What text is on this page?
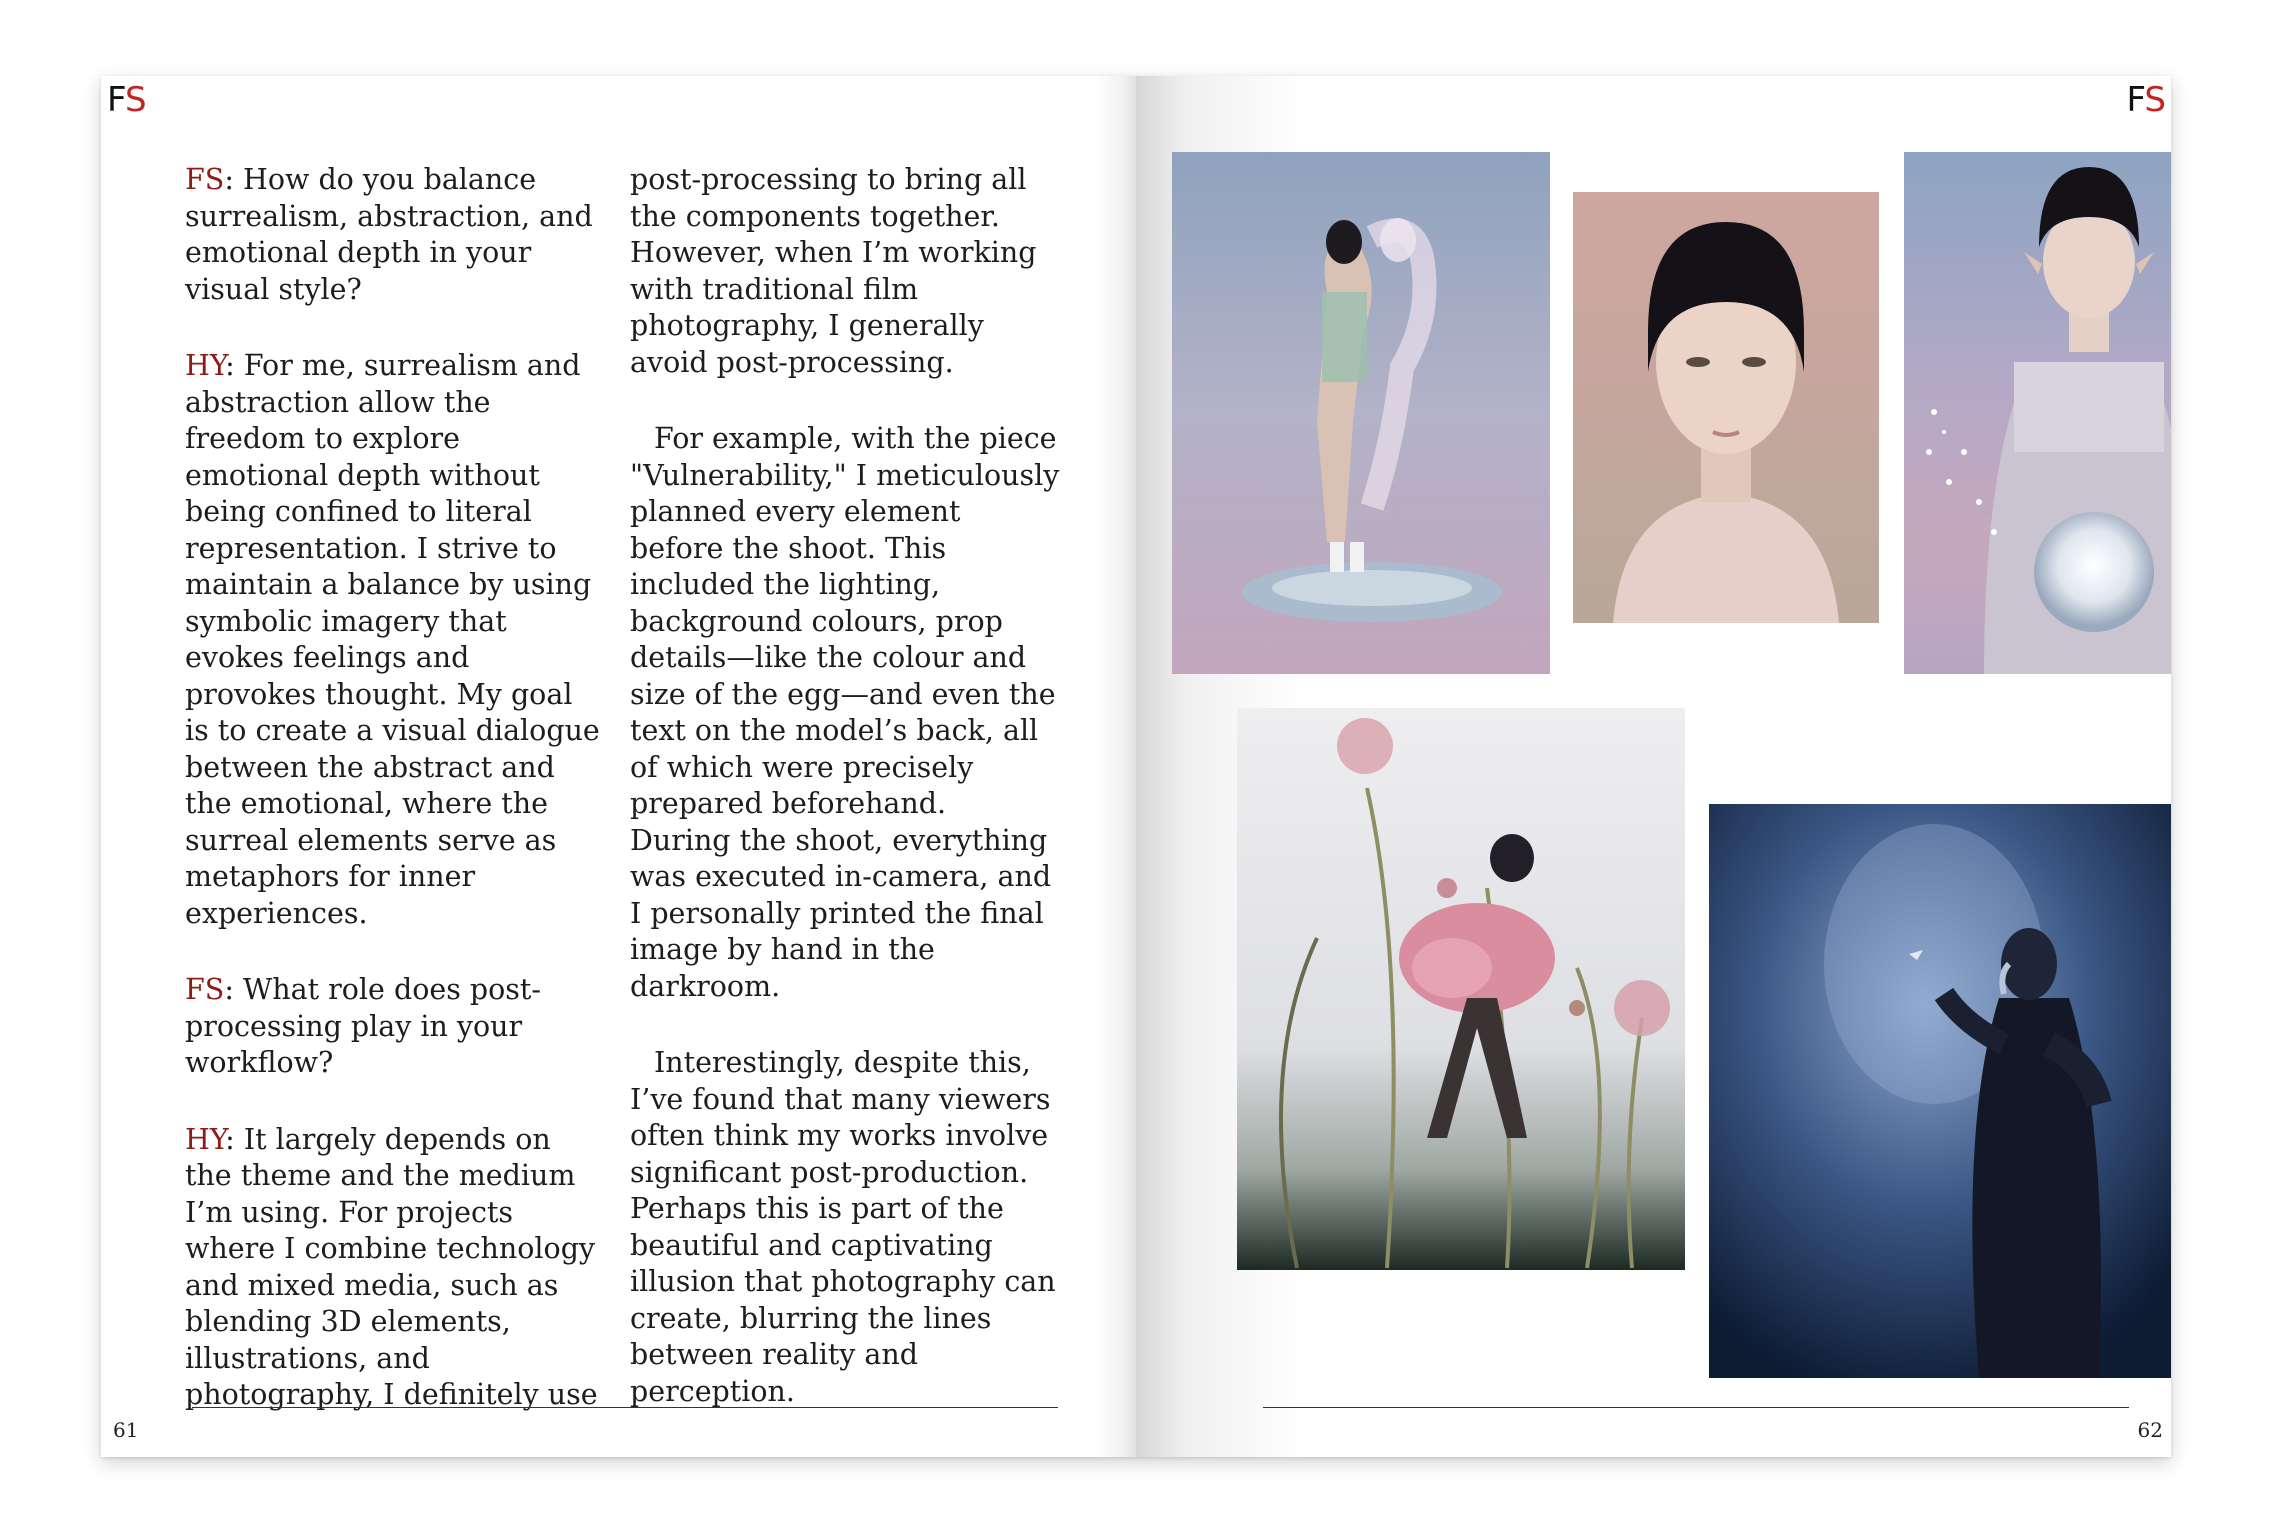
FS

FS: How do you balance surrealism, abstraction, and emotional depth in your visual style?

HY: For me, surrealism and abstraction allow the freedom to explore emotional depth without being confined to literal representation. I strive to maintain a balance by using symbolic imagery that evokes feelings and provokes thought. My goal is to create a visual dialogue between the abstract and the emotional, where the surreal elements serve as metaphors for inner experiences.

FS: What role does post-processing play in your workflow?

HY: It largely depends on the theme and the medium I’m using. For projects where I combine technology and mixed media, such as blending 3D elements, illustrations, and photography, I definitely use

post-processing to bring all the components together. However, when I’m working with traditional film photography, I generally avoid post-processing.

For example, with the piece "Vulnerability," I meticulously planned every element before the shoot. This included the lighting, background colours, prop details—like the colour and size of the egg—and even the text on the model’s back, all of which were precisely prepared beforehand.

During the shoot, everything was executed in-camera, and I personally printed the final image by hand in the darkroom.

Interestingly, despite this, I’ve found that many viewers often think my works involve significant post-production. Perhaps this is part of the beautiful and captivating illusion that photography can create, blurring the lines between reality and perception.

61
FS
62
